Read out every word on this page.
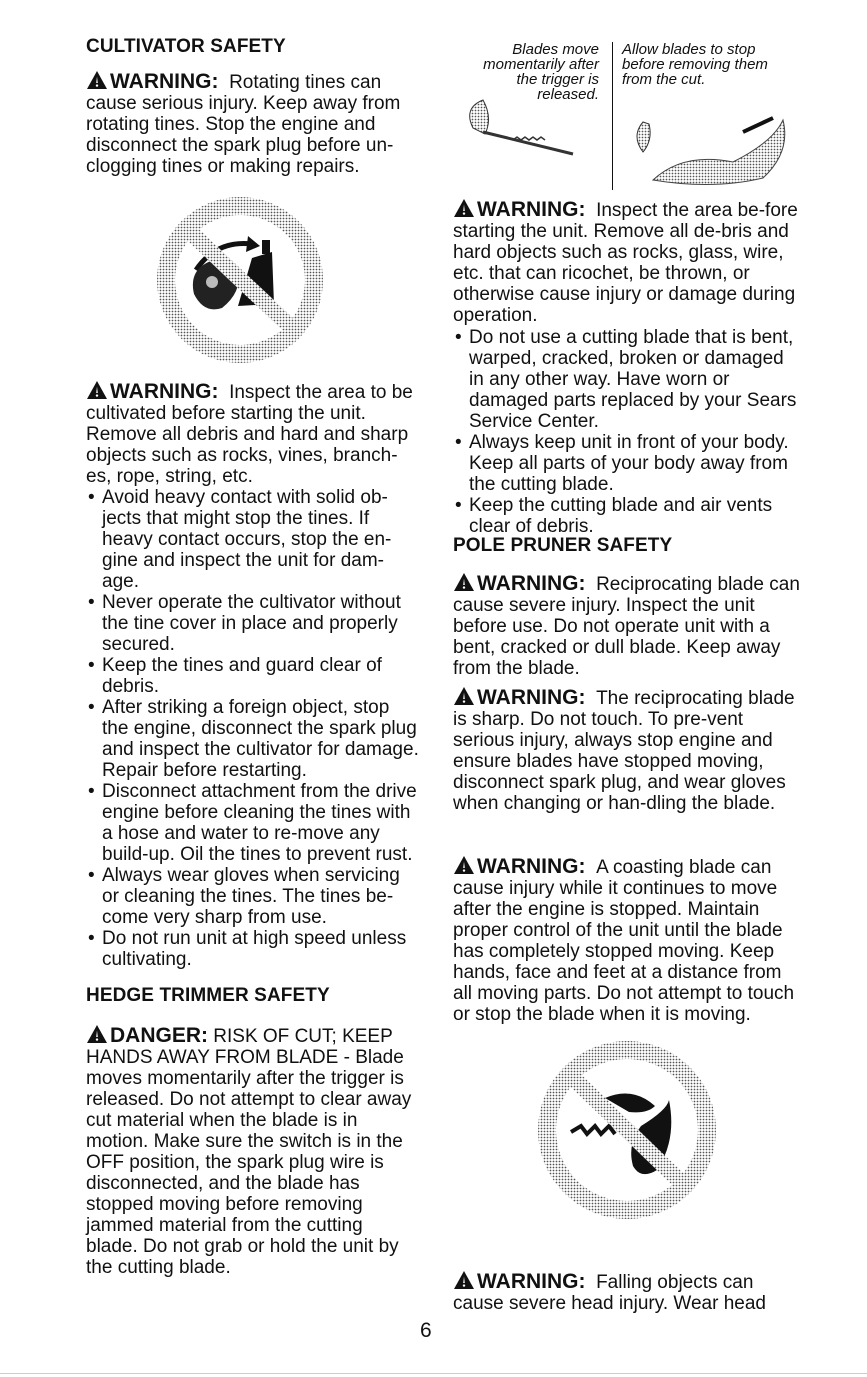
CULTIVATOR SAFETY

WARNING: Rotating tines can cause serious injury. Keep away from rotating tines. Stop the engine and disconnect the spark plug before un-clogging tines or making repairs.

WARNING: Inspect the area to be cultivated before starting the unit. Remove all debris and hard and sharp objects such as rocks, vines, branch-es, rope, string, etc.

• Avoid heavy contact with solid ob-jects that might stop the tines. If heavy contact occurs, stop the en-gine and inspect the unit for dam-age.
• Never operate the cultivator without the tine cover in place and properly secured.
• Keep the tines and guard clear of debris.
• After striking a foreign object, stop the engine, disconnect the spark plug and inspect the cultivator for damage. Repair before restarting.
• Disconnect attachment from the drive engine before cleaning the tines with a hose and water to re-move any build-up. Oil the tines to prevent rust.
• Always wear gloves when servicing or cleaning the tines. The tines be-come very sharp from use.
• Do not run unit at high speed unless cultivating.
HEDGE TRIMMER SAFETY

DANGER: RISK OF CUT; KEEP HANDS AWAY FROM BLADE - Blade moves momentarily after the trigger is released. Do not attempt to clear away cut material when the blade is in motion. Make sure the switch is in the OFF position, the spark plug wire is disconnected, and the blade has stopped moving before removing jammed material from the cutting blade. Do not grab or hold the unit by the cutting blade.

Blades move momentarily after the trigger is released.

Allow blades to stop before removing them from the cut.

WARNING: Inspect the area be-fore starting the unit. Remove all de-bris and hard objects such as rocks, glass, wire, etc. that can ricochet, be thrown, or otherwise cause injury or damage during operation.

• Do not use a cutting blade that is bent, warped, cracked, broken or damaged in any other way. Have worn or damaged parts replaced by your Sears Service Center.
• Always keep unit in front of your body. Keep all parts of your body away from the cutting blade.
• Keep the cutting blade and air vents clear of debris.
POLE PRUNER SAFETY

WARNING: Reciprocating blade can cause severe injury. Inspect the unit before use. Do not operate unit with a bent, cracked or dull blade. Keep away from the blade.

WARNING: The reciprocating blade is sharp. Do not touch. To pre-vent serious injury, always stop engine and ensure blades have stopped moving, disconnect spark plug, and wear gloves when changing or han-dling the blade.

WARNING: A coasting blade can cause injury while it continues to move after the engine is stopped. Maintain proper control of the unit until the blade has completely stopped moving. Keep hands, face and feet at a distance from all moving parts. Do not attempt to touch or stop the blade when it is moving.

WARNING: Falling objects can cause severe head injury. Wear head

6
